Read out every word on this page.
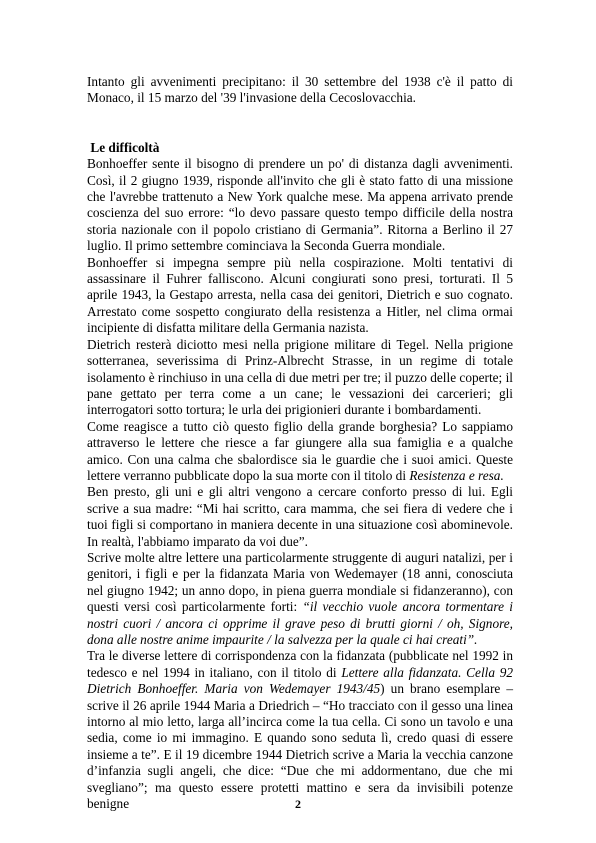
Intanto gli avvenimenti precipitano: il 30 settembre del 1938 c'è il patto di Monaco, il 15 marzo del '39 l'invasione della Cecoslovacchia.

Le difficoltà

Bonhoeffer sente il bisogno di prendere un po' di distanza dagli avvenimenti. Così, il 2 giugno 1939, risponde all'invito che gli è stato fatto di una missione che l'avrebbe trattenuto a New York qualche mese. Ma appena arrivato prende coscienza del suo errore: “lo devo passare questo tempo difficile della nostra storia nazionale con il popolo cristiano di Germania”. Ritorna a Berlino il 27 luglio. Il primo settembre cominciava la Seconda Guerra mondiale.

Bonhoeffer si impegna sempre più nella cospirazione. Molti tentativi di assassinare il Fuhrer falliscono. Alcuni congiurati sono presi, torturati. Il 5 aprile 1943, la Gestapo arresta, nella casa dei genitori, Dietrich e suo cognato. Arrestato come sospetto congiurato della resistenza a Hitler, nel clima ormai incipiente di disfatta militare della Germania nazista.

Dietrich resterà diciotto mesi nella prigione militare di Tegel. Nella prigione sotterranea, severissima di Prinz-Albrecht Strasse, in un regime di totale isolamento è rinchiuso in una cella di due metri per tre; il puzzo delle coperte; il pane gettato per terra come a un cane; le vessazioni dei carcerieri; gli interrogatori sotto tortura; le urla dei prigionieri durante i bombardamenti.

Come reagisce a tutto ciò questo figlio della grande borghesia? Lo sappiamo attraverso le lettere che riesce a far giungere alla sua famiglia e a qualche amico. Con una calma che sbalordisce sia le guardie che i suoi amici. Queste lettere verranno pubblicate dopo la sua morte con il titolo di Resistenza e resa.

Ben presto, gli uni e gli altri vengono a cercare conforto presso di lui. Egli scrive a sua madre: “Mi hai scritto, cara mamma, che sei fiera di vedere che i tuoi figli si comportano in maniera decente in una situazione così abominevole. In realtà, l'abbiamo imparato da voi due”.

Scrive molte altre lettere una particolarmente struggente di auguri natalizi, per i genitori, i figli e per la fidanzata Maria von Wedemayer (18 anni, conosciuta nel giugno 1942; un anno dopo, in piena guerra mondiale si fidanzeranno), con questi versi così particolarmente forti: “il vecchio vuole ancora tormentare i nostri cuori / ancora ci opprime il grave peso di brutti giorni / oh, Signore, dona alle nostre anime impaurite / la salvezza per la quale ci hai creati”.

Tra le diverse lettere di corrispondenza con la fidanzata (pubblicate nel 1992 in tedesco e nel 1994 in italiano, con il titolo di Lettere alla fidanzata. Cella 92 Dietrich Bonhoeffer. Maria von Wedemayer 1943/45) un brano esemplare – scrive il 26 aprile 1944 Maria a Driedrich – “Ho tracciato con il gesso una linea intorno al mio letto, larga all’incirca come la tua cella. Ci sono un tavolo e una sedia, come io mi immagino. E quando sono seduta lì, credo quasi di essere insieme a te”. E il 19 dicembre 1944 Dietrich scrive a Maria la vecchia canzone d’infanzia sugli angeli, che dice: “Due che mi addormentano, due che mi svegliano”; ma questo essere protetti mattino e sera da invisibili potenze benigne	2
